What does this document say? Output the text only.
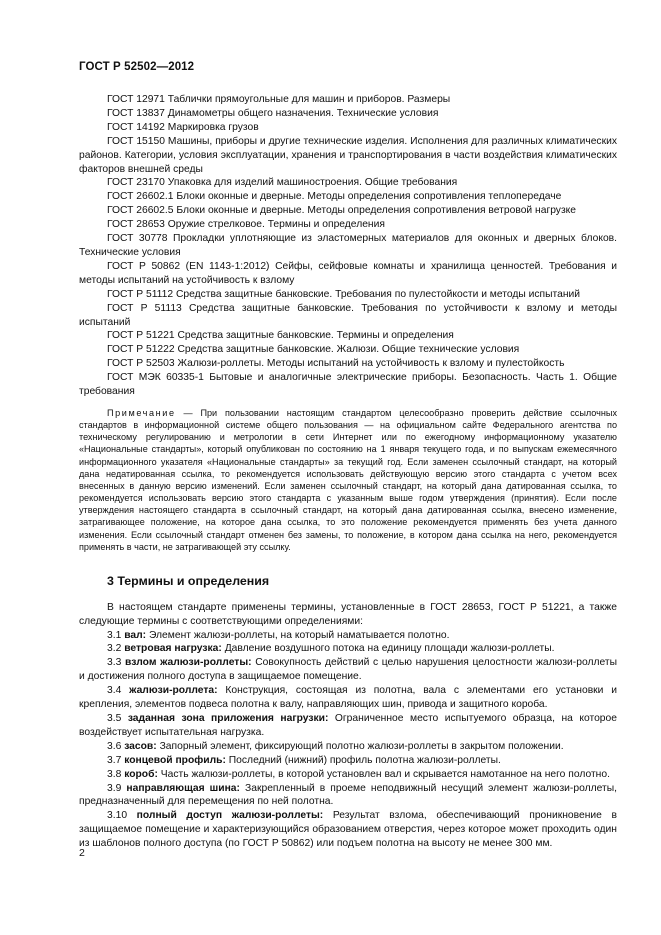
ГОСТ Р 52502—2012

ГОСТ 12971 Таблички прямоугольные для машин и приборов. Размеры

ГОСТ 13837 Динамометры общего назначения. Технические условия

ГОСТ 14192 Маркировка грузов

ГОСТ 15150 Машины, приборы и другие технические изделия. Исполнения для различных климатических районов. Категории, условия эксплуатации, хранения и транспортирования в части воздействия климатических факторов внешней среды

ГОСТ 23170 Упаковка для изделий машиностроения. Общие требования

ГОСТ 26602.1 Блоки оконные и дверные. Методы определения сопротивления теплопередаче

ГОСТ 26602.5 Блоки оконные и дверные. Методы определения сопротивления ветровой нагрузке

ГОСТ 28653 Оружие стрелковое. Термины и определения

ГОСТ 30778 Прокладки уплотняющие из эластомерных материалов для оконных и дверных блоков. Технические условия

ГОСТ Р 50862 (EN 1143-1:2012) Сейфы, сейфовые комнаты и хранилища ценностей. Требования и методы испытаний на устойчивость к взлому

ГОСТ Р 51112 Средства защитные банковские. Требования по пулестойкости и методы испытаний

ГОСТ Р 51113 Средства защитные банковские. Требования по устойчивости к взлому и методы испытаний

ГОСТ Р 51221 Средства защитные банковские. Термины и определения

ГОСТ Р 51222 Средства защитные банковские. Жалюзи. Общие технические условия

ГОСТ Р 52503 Жалюзи-роллеты. Методы испытаний на устойчивость к взлому и пулестойкость

ГОСТ МЭК 60335-1 Бытовые и аналогичные электрические приборы. Безопасность. Часть 1. Общие требования

Примечание — При пользовании настоящим стандартом целесообразно проверить действие ссылочных стандартов в информационной системе общего пользования — на официальном сайте Федерального агентства по техническому регулированию и метрологии в сети Интернет или по ежегодному информационному указателю «Национальные стандарты», который опубликован по состоянию на 1 января текущего года, и по выпускам ежемесячного информационного указателя «Национальные стандарты» за текущий год. Если заменен ссылочный стандарт, на который дана недатированная ссылка, то рекомендуется использовать действующую версию этого стандарта с учетом всех внесенных в данную версию изменений. Если заменен ссылочный стандарт, на который дана датированная ссылка, то рекомендуется использовать версию этого стандарта с указанным выше годом утверждения (принятия). Если после утверждения настоящего стандарта в ссылочный стандарт, на который дана датированная ссылка, внесено изменение, затрагивающее положение, на которое дана ссылка, то это положение рекомендуется применять без учета данного изменения. Если ссылочный стандарт отменен без замены, то положение, в котором дана ссылка на него, рекомендуется применять в части, не затрагивающей эту ссылку.

3 Термины и определения

В настоящем стандарте применены термины, установленные в ГОСТ 28653, ГОСТ Р 51221, а также следующие термины с соответствующими определениями:

3.1 вал: Элемент жалюзи-роллеты, на который наматывается полотно.

3.2 ветровая нагрузка: Давление воздушного потока на единицу площади жалюзи-роллеты.

3.3 взлом жалюзи-роллеты: Совокупность действий с целью нарушения целостности жалюзи-роллеты и достижения полного доступа в защищаемое помещение.

3.4 жалюзи-роллета: Конструкция, состоящая из полотна, вала с элементами его установки и крепления, элементов подвеса полотна к валу, направляющих шин, привода и защитного короба.

3.5 заданная зона приложения нагрузки: Ограниченное место испытуемого образца, на которое воздействует испытательная нагрузка.

3.6 засов: Запорный элемент, фиксирующий полотно жалюзи-роллеты в закрытом положении.

3.7 концевой профиль: Последний (нижний) профиль полотна жалюзи-роллеты.

3.8 короб: Часть жалюзи-роллеты, в которой установлен вал и скрывается намотанное на него полотно.

3.9 направляющая шина: Закрепленный в проеме неподвижный несущий элемент жалюзи-роллеты, предназначенный для перемещения по ней полотна.

3.10 полный доступ жалюзи-роллеты: Результат взлома, обеспечивающий проникновение в защищаемое помещение и характеризующийся образованием отверстия, через которое может проходить один из шаблонов полного доступа (по ГОСТ Р 50862) или подъем полотна на высоту не менее 300 мм.

2
